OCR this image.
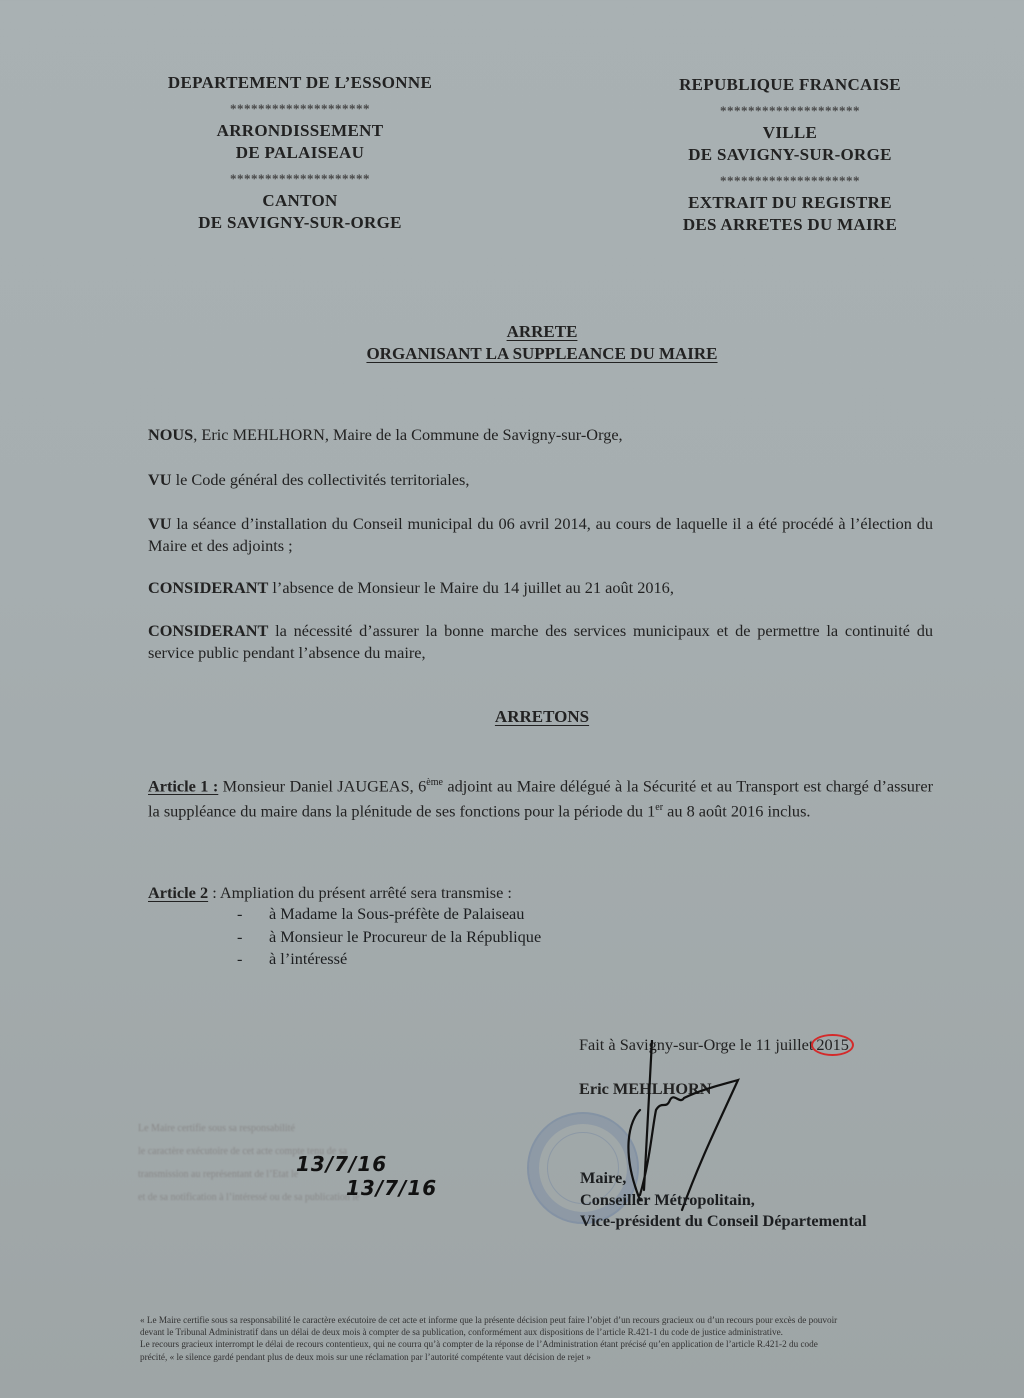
DEPARTEMENT DE L’ESSONNE
********************
ARRONDISSEMENT
DE PALAISEAU
********************
CANTON
DE SAVIGNY-SUR-ORGE
REPUBLIQUE FRANCAISE
********************
VILLE
DE SAVIGNY-SUR-ORGE
********************
EXTRAIT DU REGISTRE
DES ARRETES DU MAIRE
ARRETE
ORGANISANT LA SUPPLEANCE DU MAIRE
NOUS, Eric MEHLHORN, Maire de la Commune de Savigny-sur-Orge,
VU le Code général des collectivités territoriales,
VU la séance d’installation du Conseil municipal du 06 avril 2014, au cours de laquelle il a été procédé à l’élection du Maire et des adjoints ;
CONSIDERANT l’absence de Monsieur le Maire du 14 juillet au 21 août 2016,
CONSIDERANT la nécessité d’assurer la bonne marche des services municipaux et de permettre la continuité du service public pendant l’absence du maire,
ARRETONS
Article 1 : Monsieur Daniel JAUGEAS, 6ème adjoint au Maire délégué à la Sécurité et au Transport est chargé d’assurer la suppléance du maire dans la plénitude de ses fonctions pour la période du 1er au 8 août 2016 inclus.
Article 2 : Ampliation du présent arrêté sera transmise :
- à Madame la Sous-préfète de Palaiseau
- à Monsieur le Procureur de la République
- à l’intéressé
Fait à Savigny-sur-Orge le 11 juillet 2015
Eric MEHLHORN
Maire,
Conseiller Métropolitain,
Vice-président du Conseil Départemental
Le Maire certifie sous sa responsabilité
le caractère exécutoire de cet acte compte tenu de sa
transmission au représentant de l’Etat le
et de sa notification à l’intéressé ou de sa publication le
13/7/16
13/7/16
« Le Maire certifie sous sa responsabilité le caractère exécutoire de cet acte et informe que la présente décision peut faire l’objet d’un recours gracieux ou d’un recours pour excès de pouvoir
devant le Tribunal Administratif dans un délai de deux mois à compter de sa publication, conformément aux dispositions de l’article R.421-1 du code de justice administrative.
Le recours gracieux interrompt le délai de recours contentieux, qui ne courra qu’à compter de la réponse de l’Administration étant précisé qu’en application de l’article R.421-2 du code
précité, « le silence gardé pendant plus de deux mois sur une réclamation par l’autorité compétente vaut décision de rejet »
